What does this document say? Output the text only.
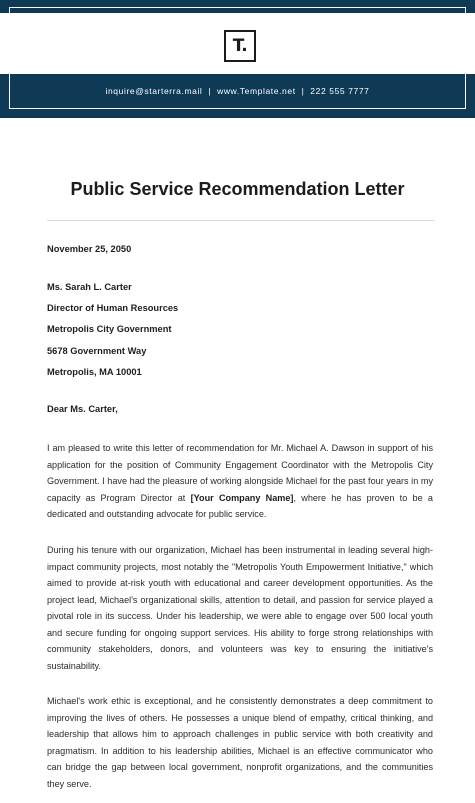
T.
inquire@starterra.mail  |  www.Template.net  |  222 555 7777
Public Service Recommendation Letter
November 25, 2050
Ms. Sarah L. Carter
Director of Human Resources
Metropolis City Government
5678 Government Way
Metropolis, MA 10001
Dear Ms. Carter,
I am pleased to write this letter of recommendation for Mr. Michael A. Dawson in support of his application for the position of Community Engagement Coordinator with the Metropolis City Government. I have had the pleasure of working alongside Michael for the past four years in my capacity as Program Director at [Your Company Name], where he has proven to be a dedicated and outstanding advocate for public service.
During his tenure with our organization, Michael has been instrumental in leading several high-impact community projects, most notably the "Metropolis Youth Empowerment Initiative," which aimed to provide at-risk youth with educational and career development opportunities. As the project lead, Michael's organizational skills, attention to detail, and passion for service played a pivotal role in its success. Under his leadership, we were able to engage over 500 local youth and secure funding for ongoing support services. His ability to forge strong relationships with community stakeholders, donors, and volunteers was key to ensuring the initiative's sustainability.
Michael's work ethic is exceptional, and he consistently demonstrates a deep commitment to improving the lives of others. He possesses a unique blend of empathy, critical thinking, and leadership that allows him to approach challenges in public service with both creativity and pragmatism. In addition to his leadership abilities, Michael is an effective communicator who can bridge the gap between local government, nonprofit organizations, and the communities they serve.
